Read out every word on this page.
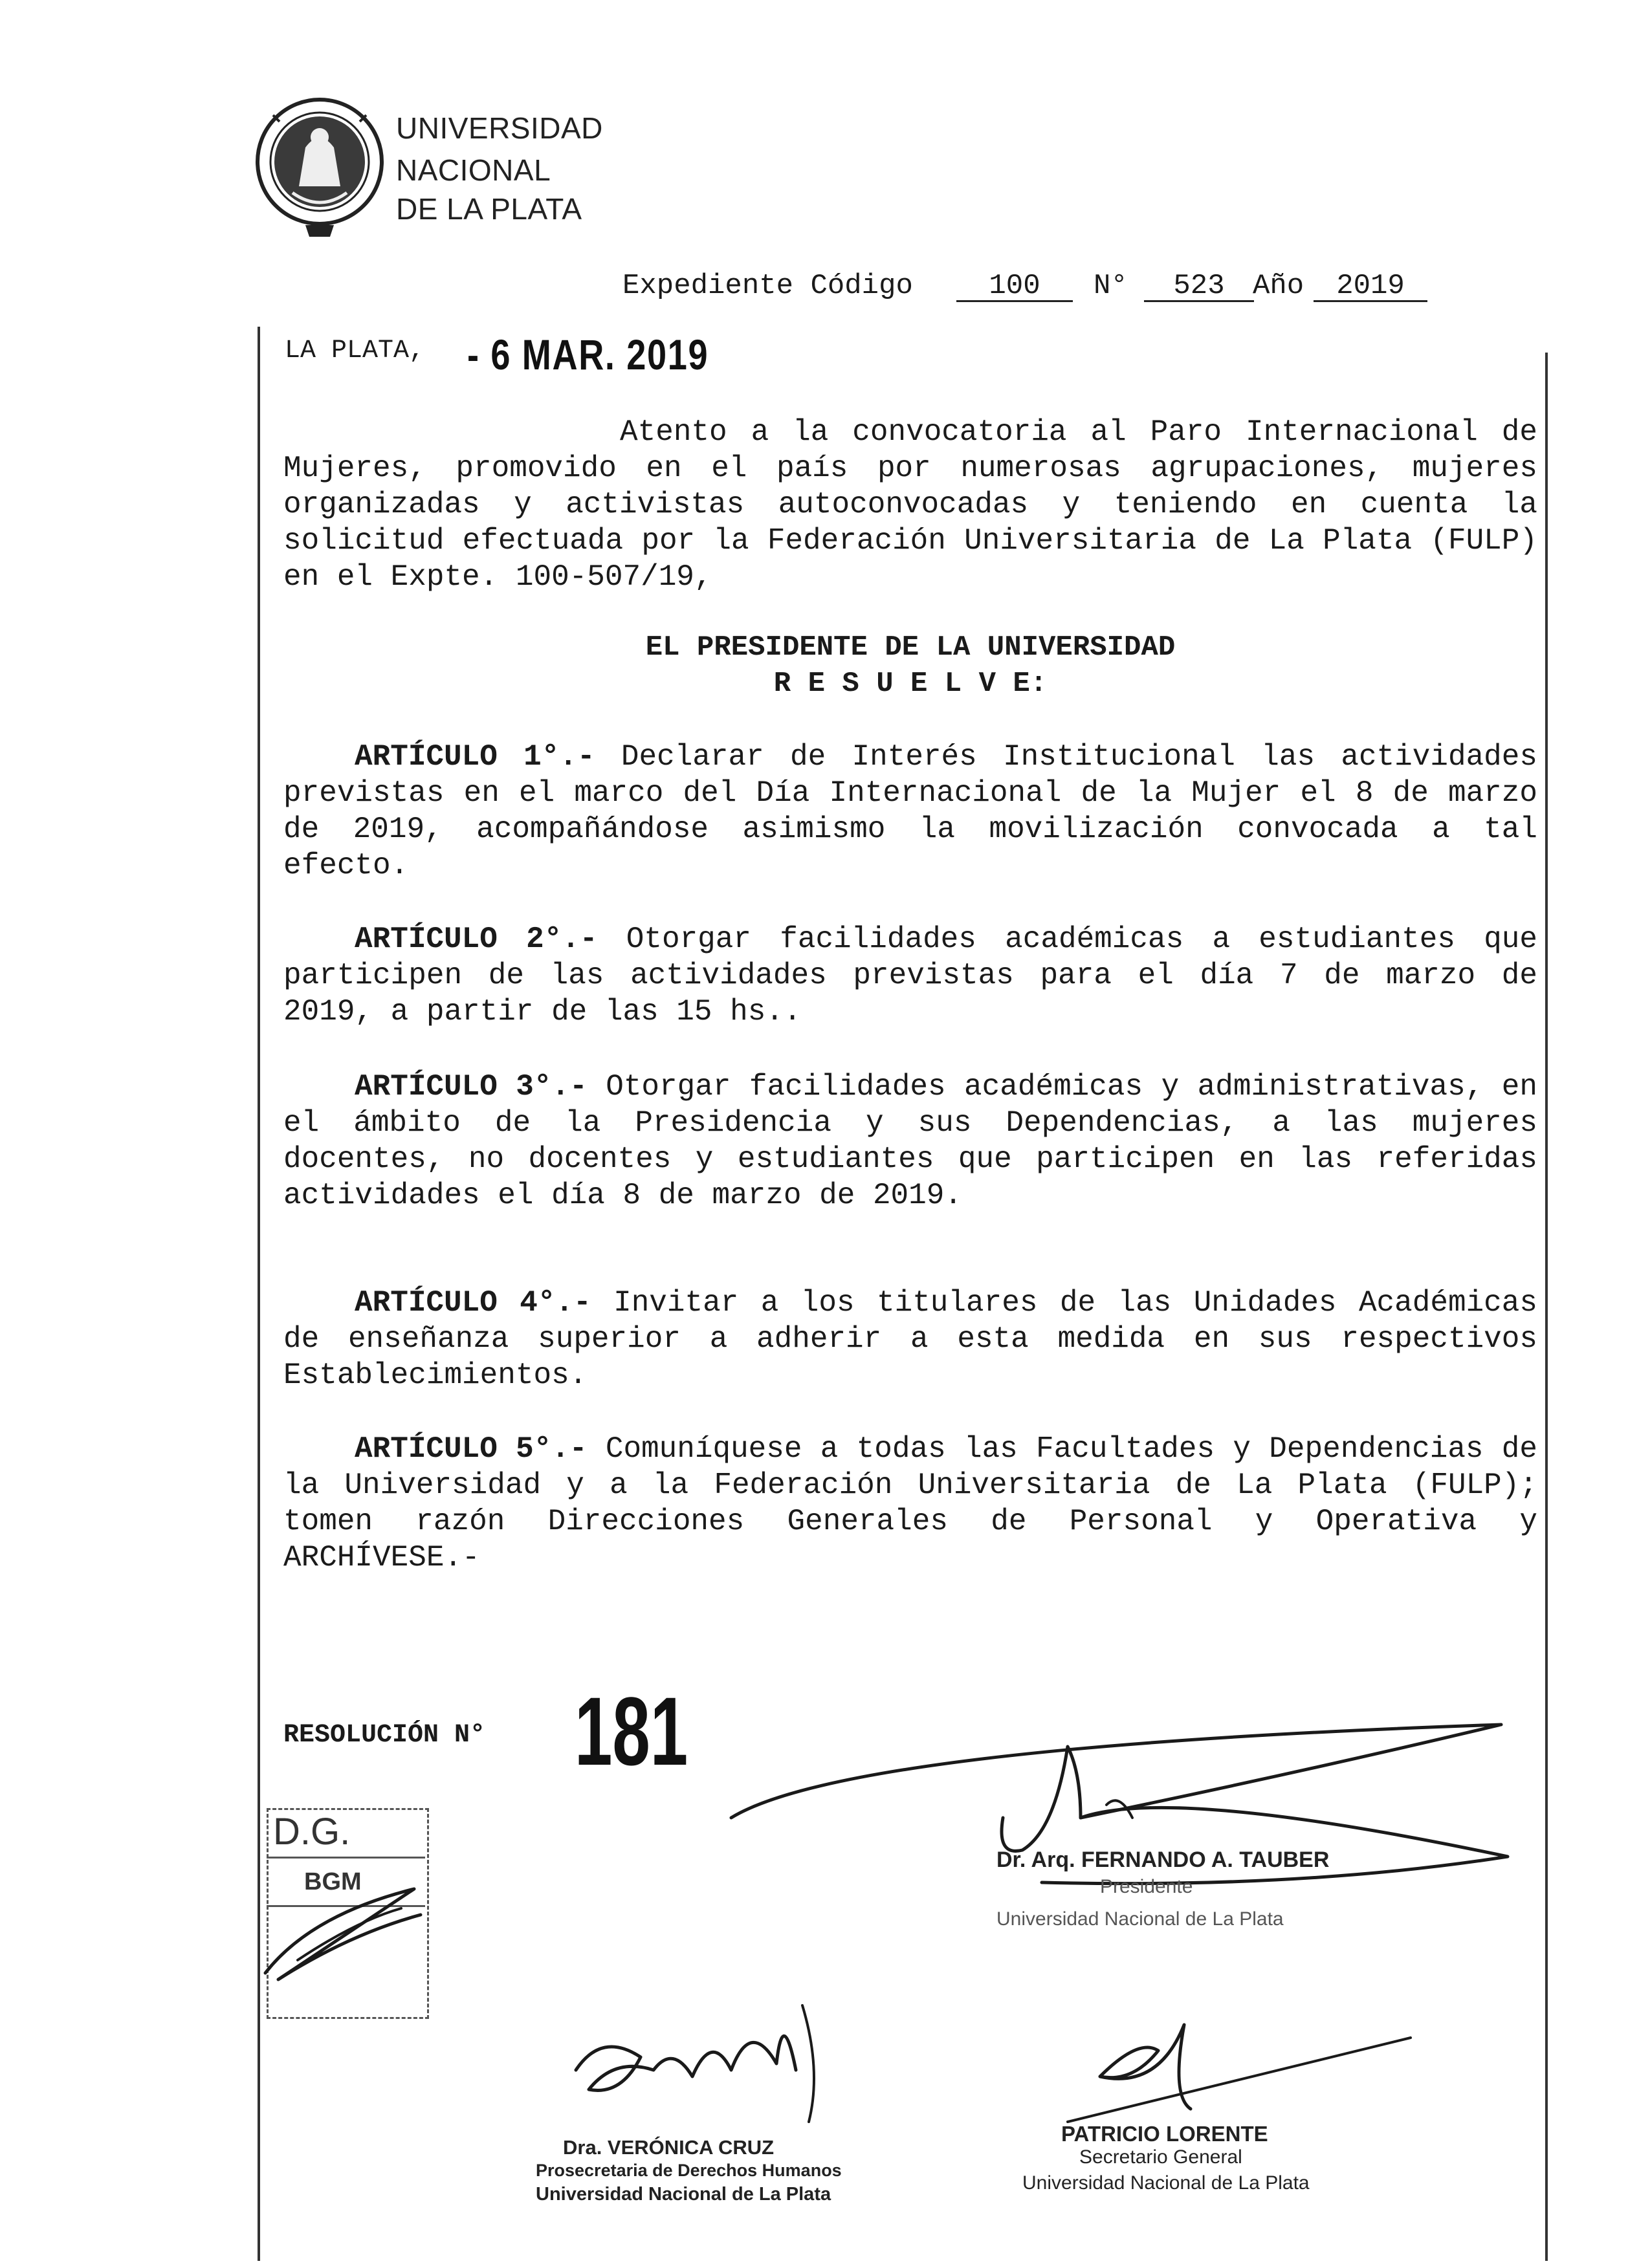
UNIVERSIDAD
NACIONAL
DE LA PLATA
Expediente Código	100	N°	523 Año	2019
LA PLATA, - 6 MAR. 2019
Atento a la convocatoria al Paro Internacional de Mujeres, promovido en el país por numerosas agrupaciones, mujeres organizadas y activistas autoconvocadas y teniendo en cuenta la solicitud efectuada por la Federación Universitaria de La Plata (FULP) en el Expte. 100-507/19,
EL PRESIDENTE DE LA UNIVERSIDAD
R E S U E L V E:
ARTÍCULO 1°.- Declarar de Interés Institucional las actividades previstas en el marco del Día Internacional de la Mujer el 8 de marzo de 2019, acompañándose asimismo la movilización convocada a tal efecto.
ARTÍCULO 2°.- Otorgar facilidades académicas a estudiantes que participen de las actividades previstas para el día 7 de marzo de 2019, a partir de las 15 hs..
ARTÍCULO 3°.- Otorgar facilidades académicas y administrativas, en el ámbito de la Presidencia y sus Dependencias, a las mujeres docentes, no docentes y estudiantes que participen en las referidas actividades el día 8 de marzo de 2019.
ARTÍCULO 4°.- Invitar a los titulares de las Unidades Académicas de enseñanza superior a adherir a esta medida en sus respectivos Establecimientos.
ARTÍCULO 5°.- Comuníquese a todas las Facultades y Dependencias de la Universidad y a la Federación Universitaria de La Plata (FULP); tomen razón Direcciones Generales de Personal y Operativa y ARCHÍVESE.-
RESOLUCIÓN N° 181
D.G.
BGM
Dr. Arq. FERNANDO A. TAUBER
Presidente
Universidad Nacional de La Plata
Dra. VERÓNICA CRUZ
Prosecretaria de Derechos Humanos
Universidad Nacional de La Plata
PATRICIO LORENTE
Secretario General
Universidad Nacional de La Plata
